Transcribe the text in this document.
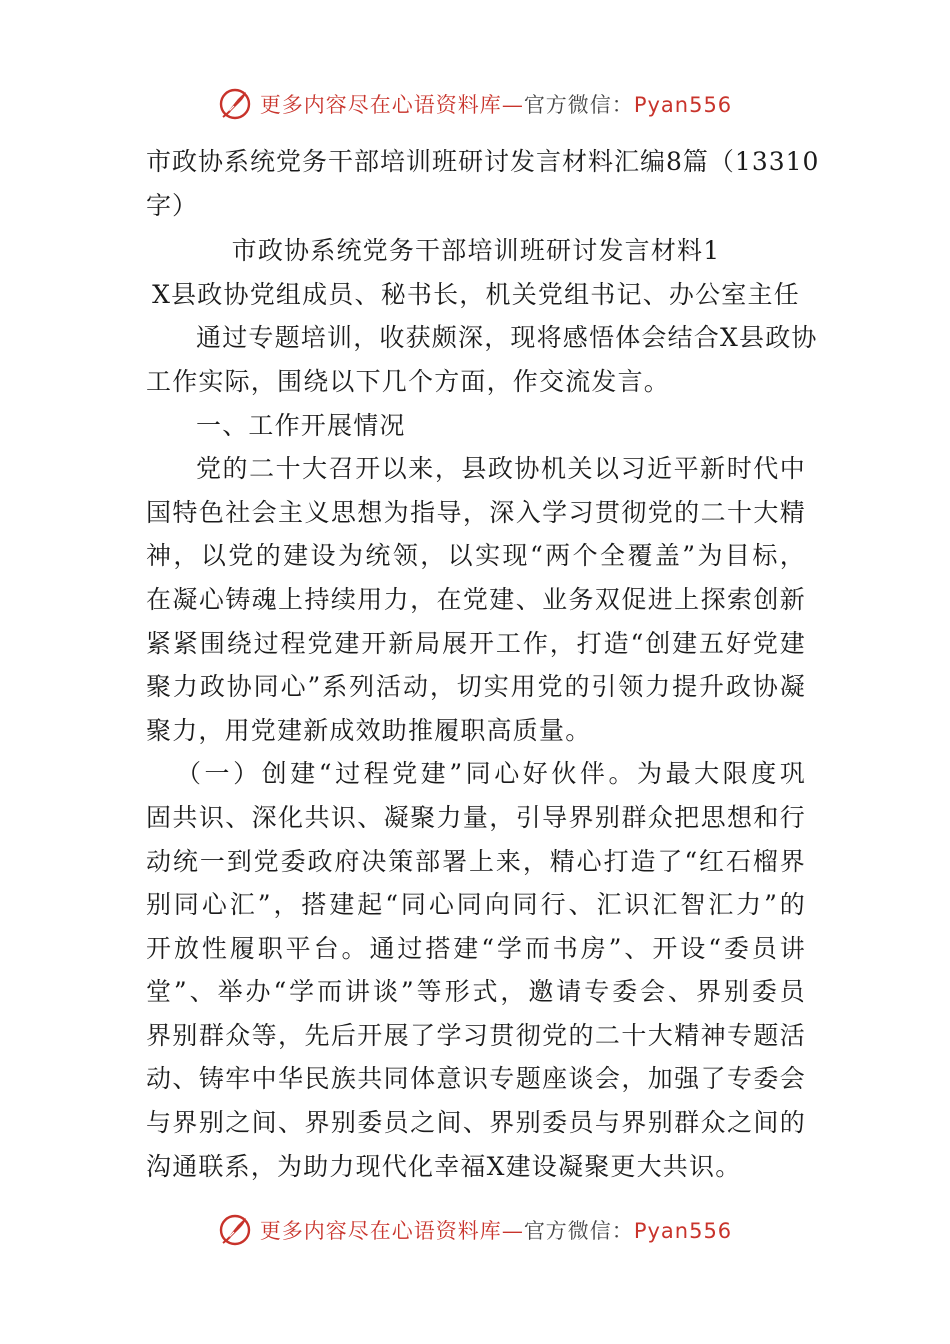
更多内容尽在心语资料库—官方微信：Pyan556
市政协系统党务干部培训班研讨发言材料汇编8篇（13310
字）
市政协系统党务干部培训班研讨发言材料1
X县政协党组成员、秘书长，机关党组书记、办公室主任
通过专题培训，收获颇深，现将感悟体会结合X县政协
工作实际，围绕以下几个方面，作交流发言。
一、工作开展情况
党的二十大召开以来，县政协机关以习近平新时代中
国特色社会主义思想为指导，深入学习贯彻党的二十大精
神，以党的建设为统领，以实现“两个全覆盖”为目标，
在凝心铸魂上持续用力，在党建、业务双促进上探索创新
紧紧围绕过程党建开新局展开工作，打造“创建五好党建
聚力政协同心”系列活动，切实用党的引领力提升政协凝
聚力，用党建新成效助推履职高质量。
（一）创建“过程党建”同心好伙伴。为最大限度巩
固共识、深化共识、凝聚力量，引导界别群众把思想和行
动统一到党委政府决策部署上来，精心打造了“红石榴界
别同心汇”，搭建起“同心同向同行、汇识汇智汇力”的
开放性履职平台。通过搭建“学而书房”、开设“委员讲
堂”、举办“学而讲谈”等形式，邀请专委会、界别委员
界别群众等，先后开展了学习贯彻党的二十大精神专题活
动、铸牢中华民族共同体意识专题座谈会，加强了专委会
与界别之间、界别委员之间、界别委员与界别群众之间的
沟通联系，为助力现代化幸福X建设凝聚更大共识。
更多内容尽在心语资料库—官方微信：Pyan556
